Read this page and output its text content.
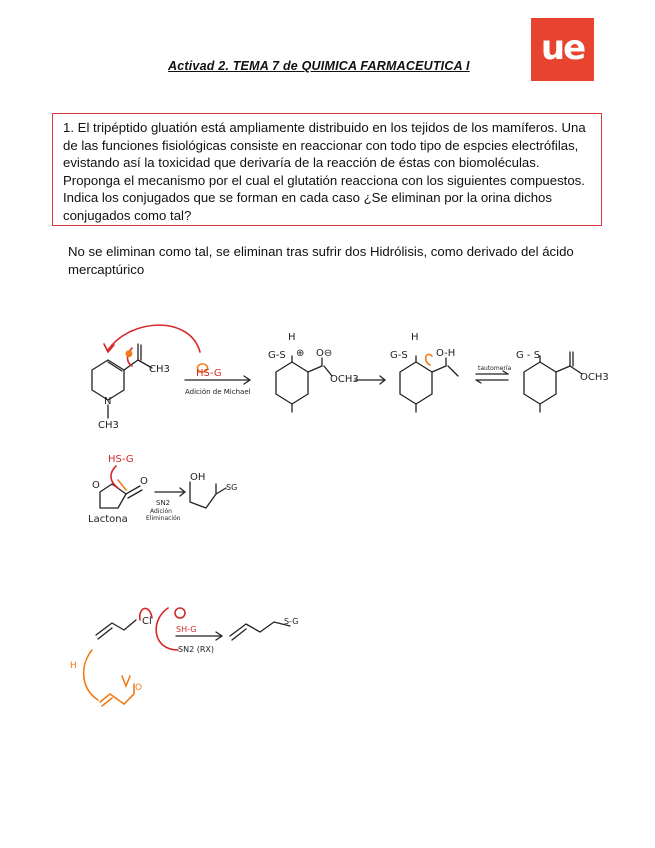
ue
Activad 2. TEMA 7 de QUIMICA FARMACEUTICA I

1. El tripéptido gluatión está ampliamente distribuido en los tejidos de los mamíferos. Una de las funciones fisiológicas consiste en reaccionar con todo tipo de espcies electrófilas, evistando así la toxicidad que derivaría de la reacción de éstas con biomoléculas. Proponga el mecanismo por el cual el glutatión reacciona con los siguientes compuestos. Indica los conjugados que se forman en cada caso ¿Se eliminan por la orina dichos conjugados como tal?

No se eliminan como tal, se eliminan tras sufrir dos Hidrólisis, como derivado del ácido mercaptúrico

●
H
O
CH3
N
CH3
Adición de Michael
G-S
H
⊕ O⊖
OCH3
G-S
H
O-H
tautomería
G - S
OCH3
O	O
Lactona
SN2
Adición
Eliminación
OH
SG
Cl
SN2 (RX)
S-G
HS-G
HS-G
SH-G
